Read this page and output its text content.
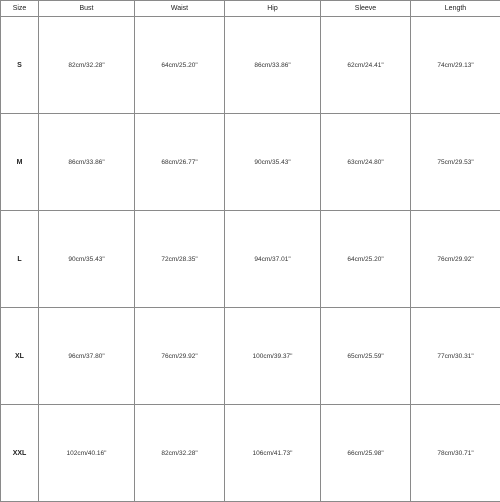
Size	Bust	Waist	Hip	Sleeve	Length
S	82cm/32.28"	64cm/25.20"	86cm/33.86"	62cm/24.41"	74cm/29.13"
M	86cm/33.86"	68cm/26.77"	90cm/35.43"	63cm/24.80"	75cm/29.53"
L	90cm/35.43"	72cm/28.35"	94cm/37.01"	64cm/25.20"	76cm/29.92"
XL	96cm/37.80"	76cm/29.92"	100cm/39.37"	65cm/25.59"	77cm/30.31"
XXL	102cm/40.16"	82cm/32.28"	106cm/41.73"	66cm/25.98"	78cm/30.71"
